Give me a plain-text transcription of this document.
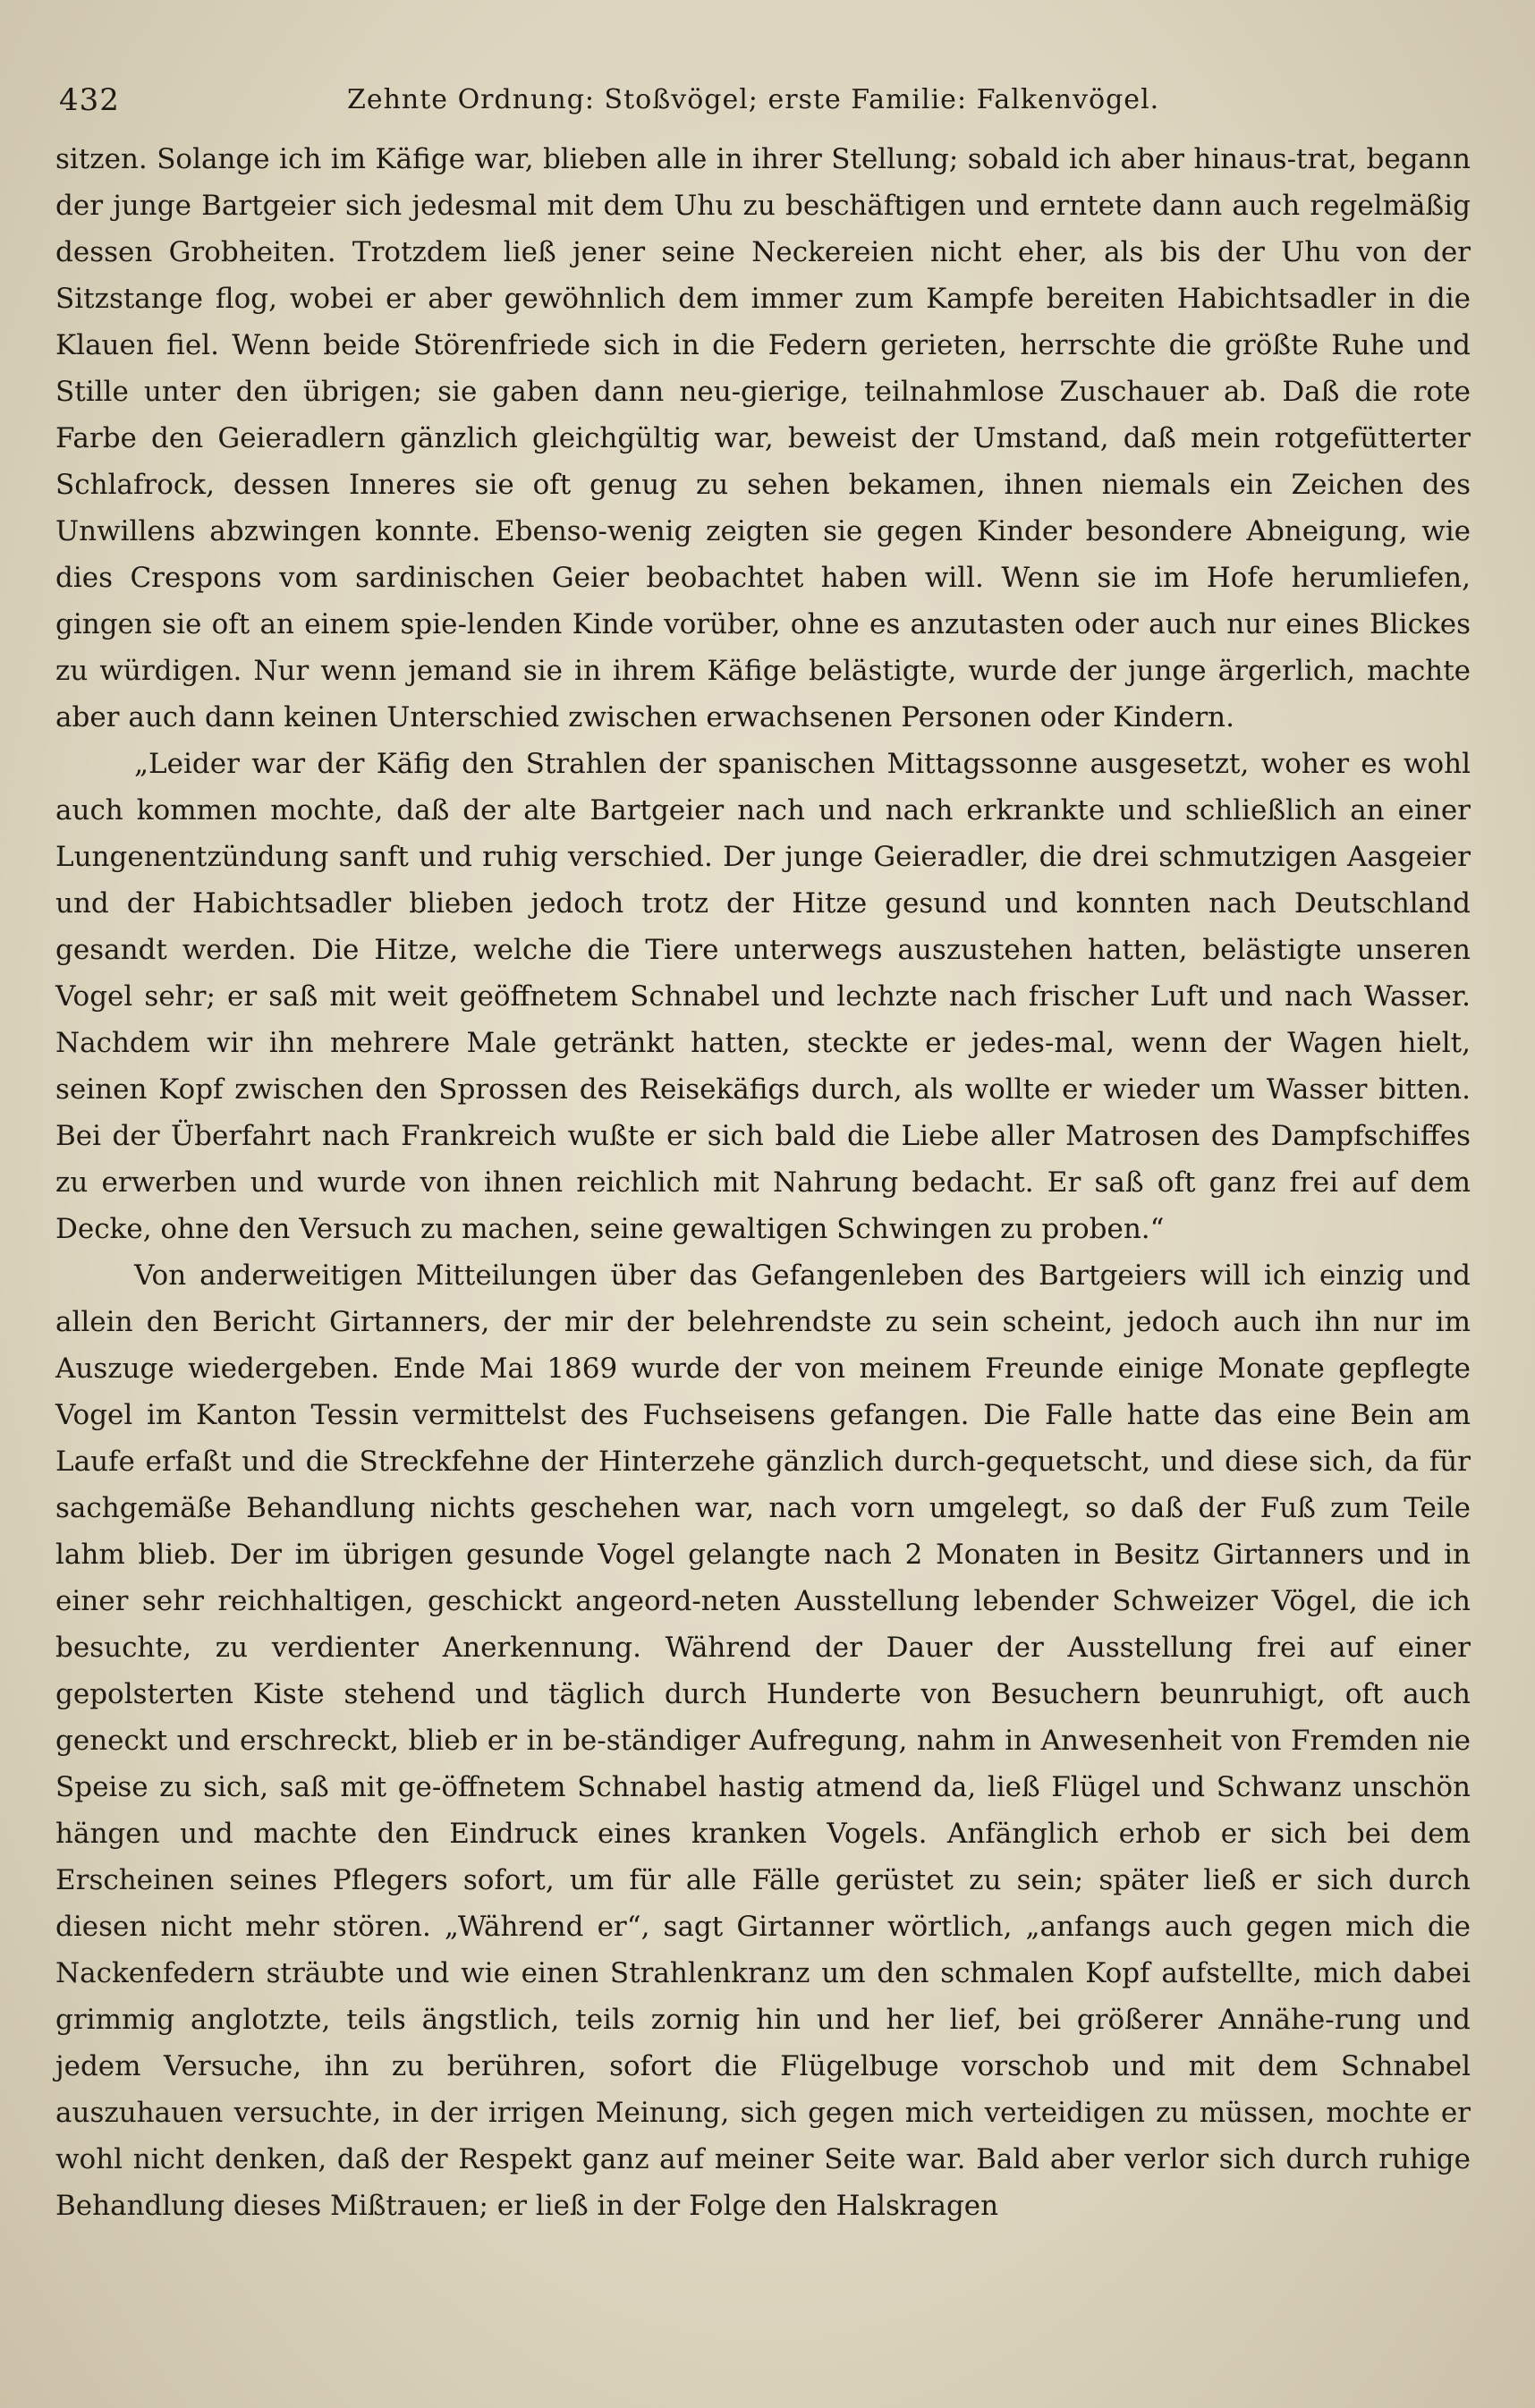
432	Zehnte Ordnung: Stoßvögel; erste Familie: Falkenvögel.

sitzen. Solange ich im Käfige war, blieben alle in ihrer Stellung; sobald ich aber hinaus-trat, begann der junge Bartgeier sich jedesmal mit dem Uhu zu beschäftigen und erntete dann auch regelmäßig dessen Grobheiten. Trotzdem ließ jener seine Neckereien nicht eher, als bis der Uhu von der Sitzstange flog, wobei er aber gewöhnlich dem immer zum Kampfe bereiten Habichtsadler in die Klauen fiel. Wenn beide Störenfriede sich in die Federn gerieten, herrschte die größte Ruhe und Stille unter den übrigen; sie gaben dann neu-gierige, teilnahmlose Zuschauer ab. Daß die rote Farbe den Geieradlern gänzlich gleichgültig war, beweist der Umstand, daß mein rotgefütterter Schlafrock, dessen Inneres sie oft genug zu sehen bekamen, ihnen niemals ein Zeichen des Unwillens abzwingen konnte. Ebenso-wenig zeigten sie gegen Kinder besondere Abneigung, wie dies Crespons vom sardinischen Geier beobachtet haben will. Wenn sie im Hofe herumliefen, gingen sie oft an einem spie-lenden Kinde vorüber, ohne es anzutasten oder auch nur eines Blickes zu würdigen. Nur wenn jemand sie in ihrem Käfige belästigte, wurde der junge ärgerlich, machte aber auch dann keinen Unterschied zwischen erwachsenen Personen oder Kindern.

„Leider war der Käfig den Strahlen der spanischen Mittagssonne ausgesetzt, woher es wohl auch kommen mochte, daß der alte Bartgeier nach und nach erkrankte und schließlich an einer Lungenentzündung sanft und ruhig verschied. Der junge Geieradler, die drei schmutzigen Aasgeier und der Habichtsadler blieben jedoch trotz der Hitze gesund und konnten nach Deutschland gesandt werden. Die Hitze, welche die Tiere unterwegs auszustehen hatten, belästigte unseren Vogel sehr; er saß mit weit geöffnetem Schnabel und lechzte nach frischer Luft und nach Wasser. Nachdem wir ihn mehrere Male getränkt hatten, steckte er jedes-mal, wenn der Wagen hielt, seinen Kopf zwischen den Sprossen des Reisekäfigs durch, als wollte er wieder um Wasser bitten. Bei der Überfahrt nach Frankreich wußte er sich bald die Liebe aller Matrosen des Dampfschiffes zu erwerben und wurde von ihnen reichlich mit Nahrung bedacht. Er saß oft ganz frei auf dem Decke, ohne den Versuch zu machen, seine gewaltigen Schwingen zu proben.“

Von anderweitigen Mitteilungen über das Gefangenleben des Bartgeiers will ich einzig und allein den Bericht Girtanners, der mir der belehrendste zu sein scheint, jedoch auch ihn nur im Auszuge wiedergeben. Ende Mai 1869 wurde der von meinem Freunde einige Monate gepflegte Vogel im Kanton Tessin vermittelst des Fuchseisens gefangen. Die Falle hatte das eine Bein am Laufe erfaßt und die Streckfehne der Hinterzehe gänzlich durch-gequetscht, und diese sich, da für sachgemäße Behandlung nichts geschehen war, nach vorn umgelegt, so daß der Fuß zum Teile lahm blieb. Der im übrigen gesunde Vogel gelangte nach 2 Monaten in Besitz Girtanners und in einer sehr reichhaltigen, geschickt angeord-neten Ausstellung lebender Schweizer Vögel, die ich besuchte, zu verdienter Anerkennung. Während der Dauer der Ausstellung frei auf einer gepolsterten Kiste stehend und täglich durch Hunderte von Besuchern beunruhigt, oft auch geneckt und erschreckt, blieb er in be-ständiger Aufregung, nahm in Anwesenheit von Fremden nie Speise zu sich, saß mit ge-öffnetem Schnabel hastig atmend da, ließ Flügel und Schwanz unschön hängen und machte den Eindruck eines kranken Vogels. Anfänglich erhob er sich bei dem Erscheinen seines Pflegers sofort, um für alle Fälle gerüstet zu sein; später ließ er sich durch diesen nicht mehr stören. „Während er“, sagt Girtanner wörtlich, „anfangs auch gegen mich die Nackenfedern sträubte und wie einen Strahlenkranz um den schmalen Kopf aufstellte, mich dabei grimmig anglotzte, teils ängstlich, teils zornig hin und her lief, bei größerer Annähe-rung und jedem Versuche, ihn zu berühren, sofort die Flügelbuge vorschob und mit dem Schnabel auszuhauen versuchte, in der irrigen Meinung, sich gegen mich verteidigen zu müssen, mochte er wohl nicht denken, daß der Respekt ganz auf meiner Seite war. Bald aber verlor sich durch ruhige Behandlung dieses Mißtrauen; er ließ in der Folge den Halskragen
